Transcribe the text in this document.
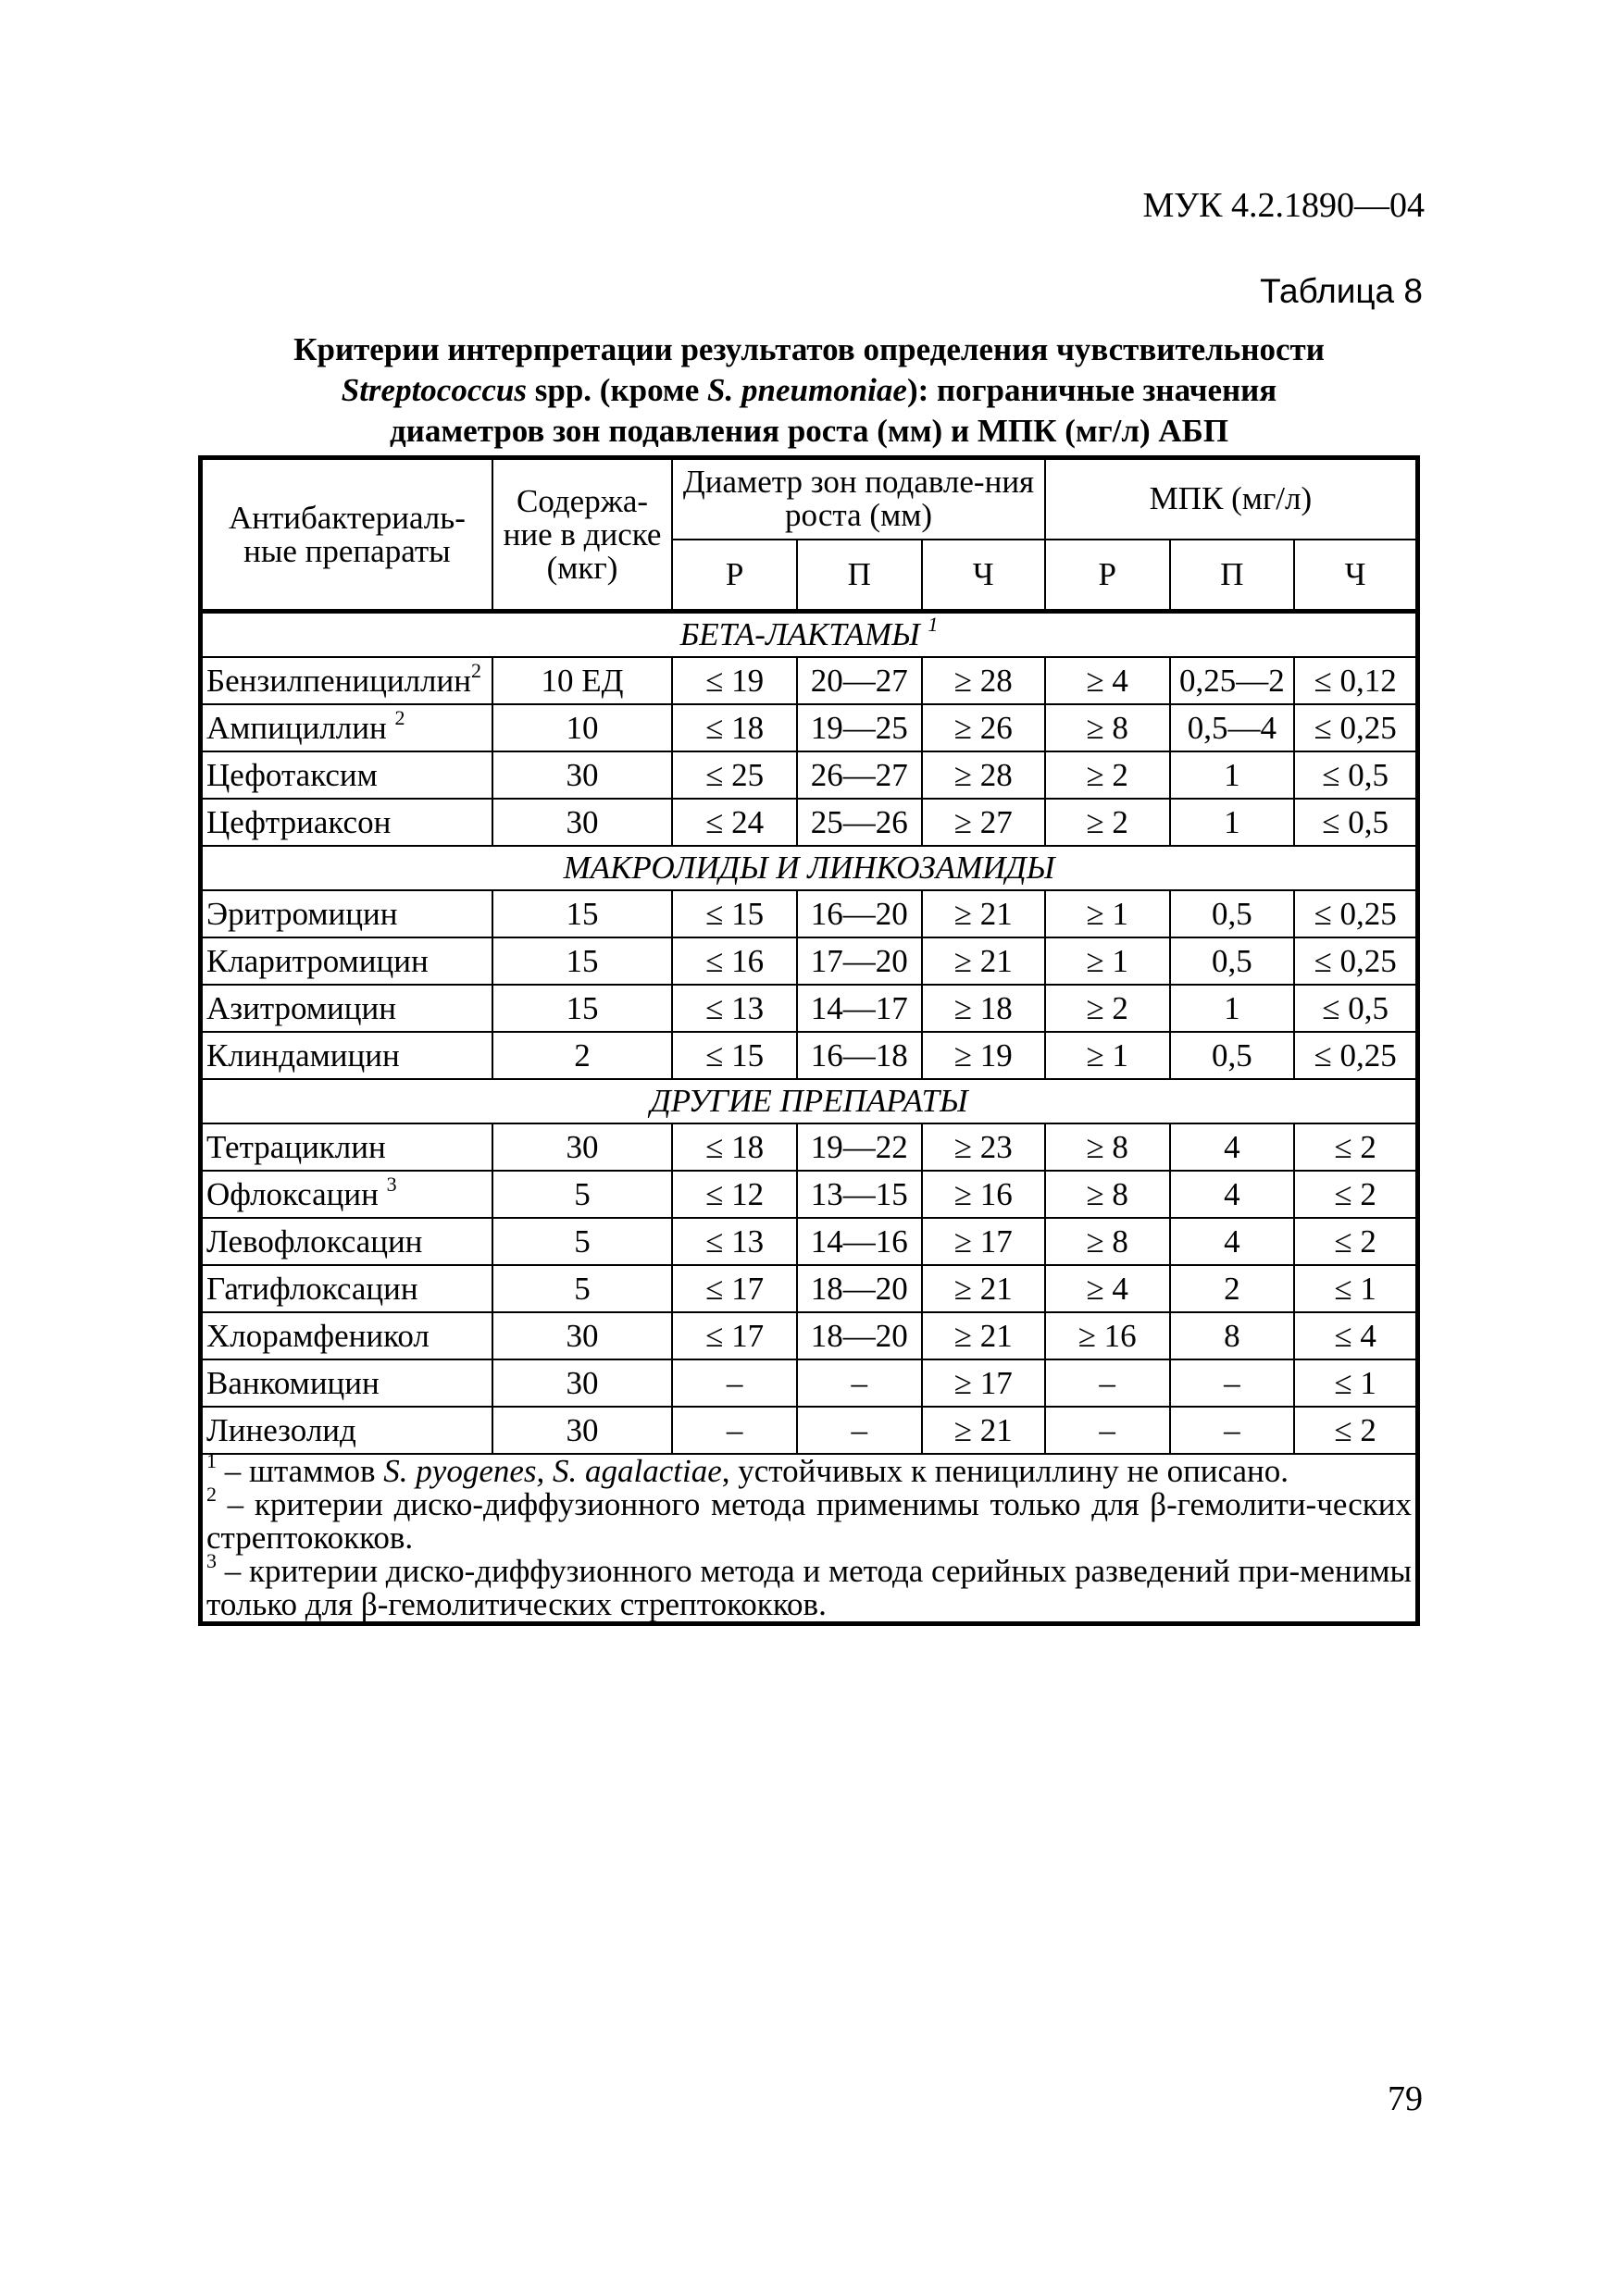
МУК 4.2.1890—04
Таблица 8
Критерии интерпретации результатов определения чувствительности
Streptococcus spp. (кроме S. pneumoniae): пограничные значения
диаметров зон подавления роста (мм) и МПК (мг/л) АБП
Антибактериаль-ные препараты	Содержа-ние в диске (мкг)	Диаметр зон подавле-ния роста (мм)			МПК (мг/л)		
		Р	П	Ч	Р	П	Ч
БЕТА-ЛАКТАМЫ $^1$
Бензилпенициллин$^2$	10 ЕД	≤ 19	20—27	≥ 28	≥ 4	0,25—2	≤ 0,12
Ампициллин $^2$	10	≤ 18	19—25	≥ 26	≥ 8	0,5—4	≤ 0,25
Цефотаксим	30	≤ 25	26—27	≥ 28	≥ 2	1	≤ 0,5
Цефтриаксон	30	≤ 24	25—26	≥ 27	≥ 2	1	≤ 0,5
МАКРОЛИДЫ И ЛИНКОЗАМИДЫ							
Эритромицин	15	≤ 15	16—20	≥ 21	≥ 1	0,5	≤ 0,25
Кларитромицин	15	≤ 16	17—20	≥ 21	≥ 1	0,5	≤ 0,25
Азитромицин	15	≤ 13	14—17	≥ 18	≥ 2	1	≤ 0,5
Клиндамицин	2	≤ 15	16—18	≥ 19	≥ 1	0,5	≤ 0,25
ДРУГИЕ ПРЕПАРАТЫ							
Тетрациклин	30	≤ 18	19—22	≥ 23	≥ 8	4	≤ 2
Офлоксацин $^3$	5	≤ 12	13—15	≥ 16	≥ 8	4	≤ 2
Левофлоксацин	5	≤ 13	14—16	≥ 17	≥ 8	4	≤ 2
Гатифлоксацин	5	≤ 17	18—20	≥ 21	≥ 4	2	≤ 1
Хлорамфеникол	30	≤ 17	18—20	≥ 21	≥ 16	8	≤ 4
Ванкомицин	30	–	–	≥ 17	–	–	≤ 1
Линезолид	30	–	–	≥ 21	–	–	≤ 2

$^1$ – штаммов S. pyogenes, S. agalactiae, устойчивых к пенициллину не описано.
$^2$ – критерии диско-диффузионного метода применимы только для β-гемолити-ческих стрептококков.
$^3$ – критерии диско-диффузионного метода и метода серийных разведений при-менимы только для β-гемолитических стрептококков.							
79
